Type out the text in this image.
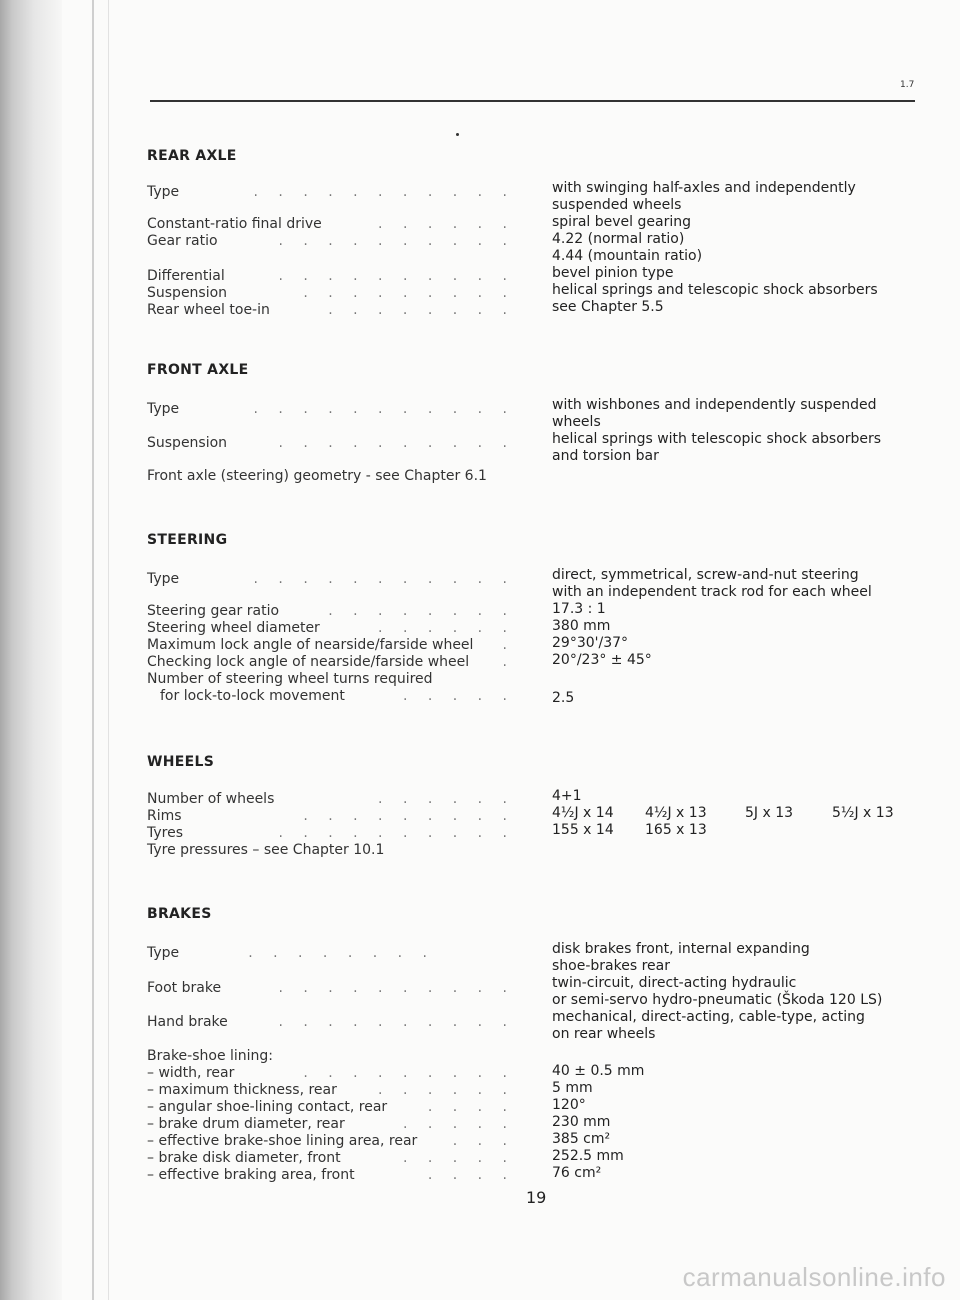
1.7
REAR AXLE
Type	. . . . . . . . . . .	with swinging half-axles and independently
suspended wheels
Constant-ratio final drive	. . . . . .	spiral bevel gearing
Gear ratio	. . . . . . . . . .	4.22 (normal ratio)
4.44 (mountain ratio)
Differential	. . . . . . . . . .	bevel pinion type
Suspension	. . . . . . . . .	helical springs and telescopic shock absorbers
Rear wheel toe-in	. . . . . . . .	see Chapter 5.5
FRONT AXLE
Type	. . . . . . . . . . .	with wishbones and independently suspended
wheels
Suspension	. . . . . . . . . .	helical springs with telescopic shock absorbers
and torsion bar
Front axle (steering) geometry - see Chapter 6.1
STEERING
Type	. . . . . . . . . . .	direct, symmetrical, screw-and-nut steering
with an independent track rod for each wheel
Steering gear ratio	. . . . . . . .	17.3 : 1
Steering wheel diameter	. . . . . .	380 mm
Maximum lock angle of nearside/farside wheel .	29°30'/37°
Checking lock angle of nearside/farside wheel .	20°/23° ± 45°
Number of steering wheel turns required
for lock-to-lock movement	. . . . .	2.5
WHEELS
Number of wheels	. . . . . .	4+1
Rims	. . . . . . . . .	4½J x 14 4½J x 13	5J x 13	5½J x 13
Tyres	. . . . . . . . . .	155 x 14 165 x 13
Tyre pressures – see Chapter 10.1
BRAKES
Type	. . . . . . . .	disk brakes front, internal expanding
shoe-brakes rear
Foot brake	. . . . . . . . . .	twin-circuit, direct-acting hydraulic
or semi-servo hydro-pneumatic (Škoda 120 LS)
Hand brake	. . . . . . . . . .	mechanical, direct-acting, cable-type, acting
on rear wheels
Brake-shoe lining:
– width, rear	. . . . . . . . .	40 ± 0.5 mm
– maximum thickness, rear	. . . . . .	5 mm
– angular shoe-lining contact, rear	. . . .	120°
– brake drum diameter, rear	. . . . .	230 mm
– effective brake-shoe lining area, rear	. . .	385 cm²
– brake disk diameter, front	. . . . .	252.5 mm
– effective braking area, front	. . . .	76 cm²
19
carmanualsonline.info
